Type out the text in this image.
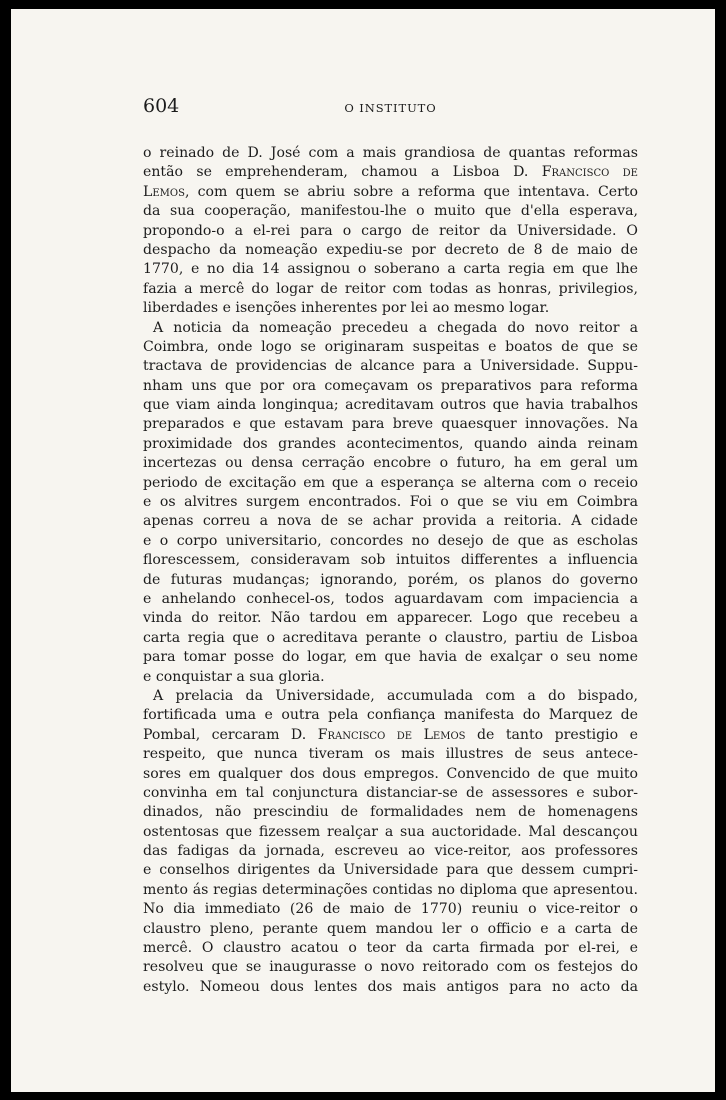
604	O INSTITUTO

o reinado de D. José com a mais grandiosa de quantas reformas
então se emprehenderam, chamou a Lisboa D. Francisco de
Lemos, com quem se abriu sobre a reforma que intentava. Certo
da sua cooperação, manifestou-lhe o muito que d'ella esperava,
propondo-o a el-rei para o cargo de reitor da Universidade. O
despacho da nomeação expediu-se por decreto de 8 de maio de
1770, e no dia 14 assignou o soberano a carta regia em que lhe
fazia a mercê do logar de reitor com todas as honras, privilegios,
liberdades e isenções inherentes por lei ao mesmo logar.

A noticia da nomeação precedeu a chegada do novo reitor a
Coimbra, onde logo se originaram suspeitas e boatos de que se
tractava de providencias de alcance para a Universidade. Suppu-
nham uns que por ora começavam os preparativos para reforma
que viam ainda longinqua; acreditavam outros que havia trabalhos
preparados e que estavam para breve quaesquer innovações. Na
proximidade dos grandes acontecimentos, quando ainda reinam
incertezas ou densa cerração encobre o futuro, ha em geral um
periodo de excitação em que a esperança se alterna com o receio
e os alvitres surgem encontrados. Foi o que se viu em Coimbra
apenas correu a nova de se achar provida a reitoria. A cidade
e o corpo universitario, concordes no desejo de que as escholas
florescessem, consideravam sob intuitos differentes a influencia
de futuras mudanças; ignorando, porém, os planos do governo
e anhelando conhecel-os, todos aguardavam com impaciencia a
vinda do reitor. Não tardou em apparecer. Logo que recebeu a
carta regia que o acreditava perante o claustro, partiu de Lisboa
para tomar posse do logar, em que havia de exalçar o seu nome
e conquistar a sua gloria.

A prelacia da Universidade, accumulada com a do bispado,
fortificada uma e outra pela confiança manifesta do Marquez de
Pombal, cercaram D. Francisco de Lemos de tanto prestigio e
respeito, que nunca tiveram os mais illustres de seus antece-
sores em qualquer dos dous empregos. Convencido de que muito
convinha em tal conjunctura distanciar-se de assessores e subor-
dinados, não prescindiu de formalidades nem de homenagens
ostentosas que fizessem realçar a sua auctoridade. Mal descançou
das fadigas da jornada, escreveu ao vice-reitor, aos professores
e conselhos dirigentes da Universidade para que dessem cumpri-
mento ás regias determinações contidas no diploma que apresentou.
No dia immediato (26 de maio de 1770) reuniu o vice-reitor o
claustro pleno, perante quem mandou ler o officio e a carta de
mercê. O claustro acatou o teor da carta firmada por el-rei, e
resolveu que se inaugurasse o novo reitorado com os festejos do
estylo. Nomeou dous lentes dos mais antigos para no acto da
